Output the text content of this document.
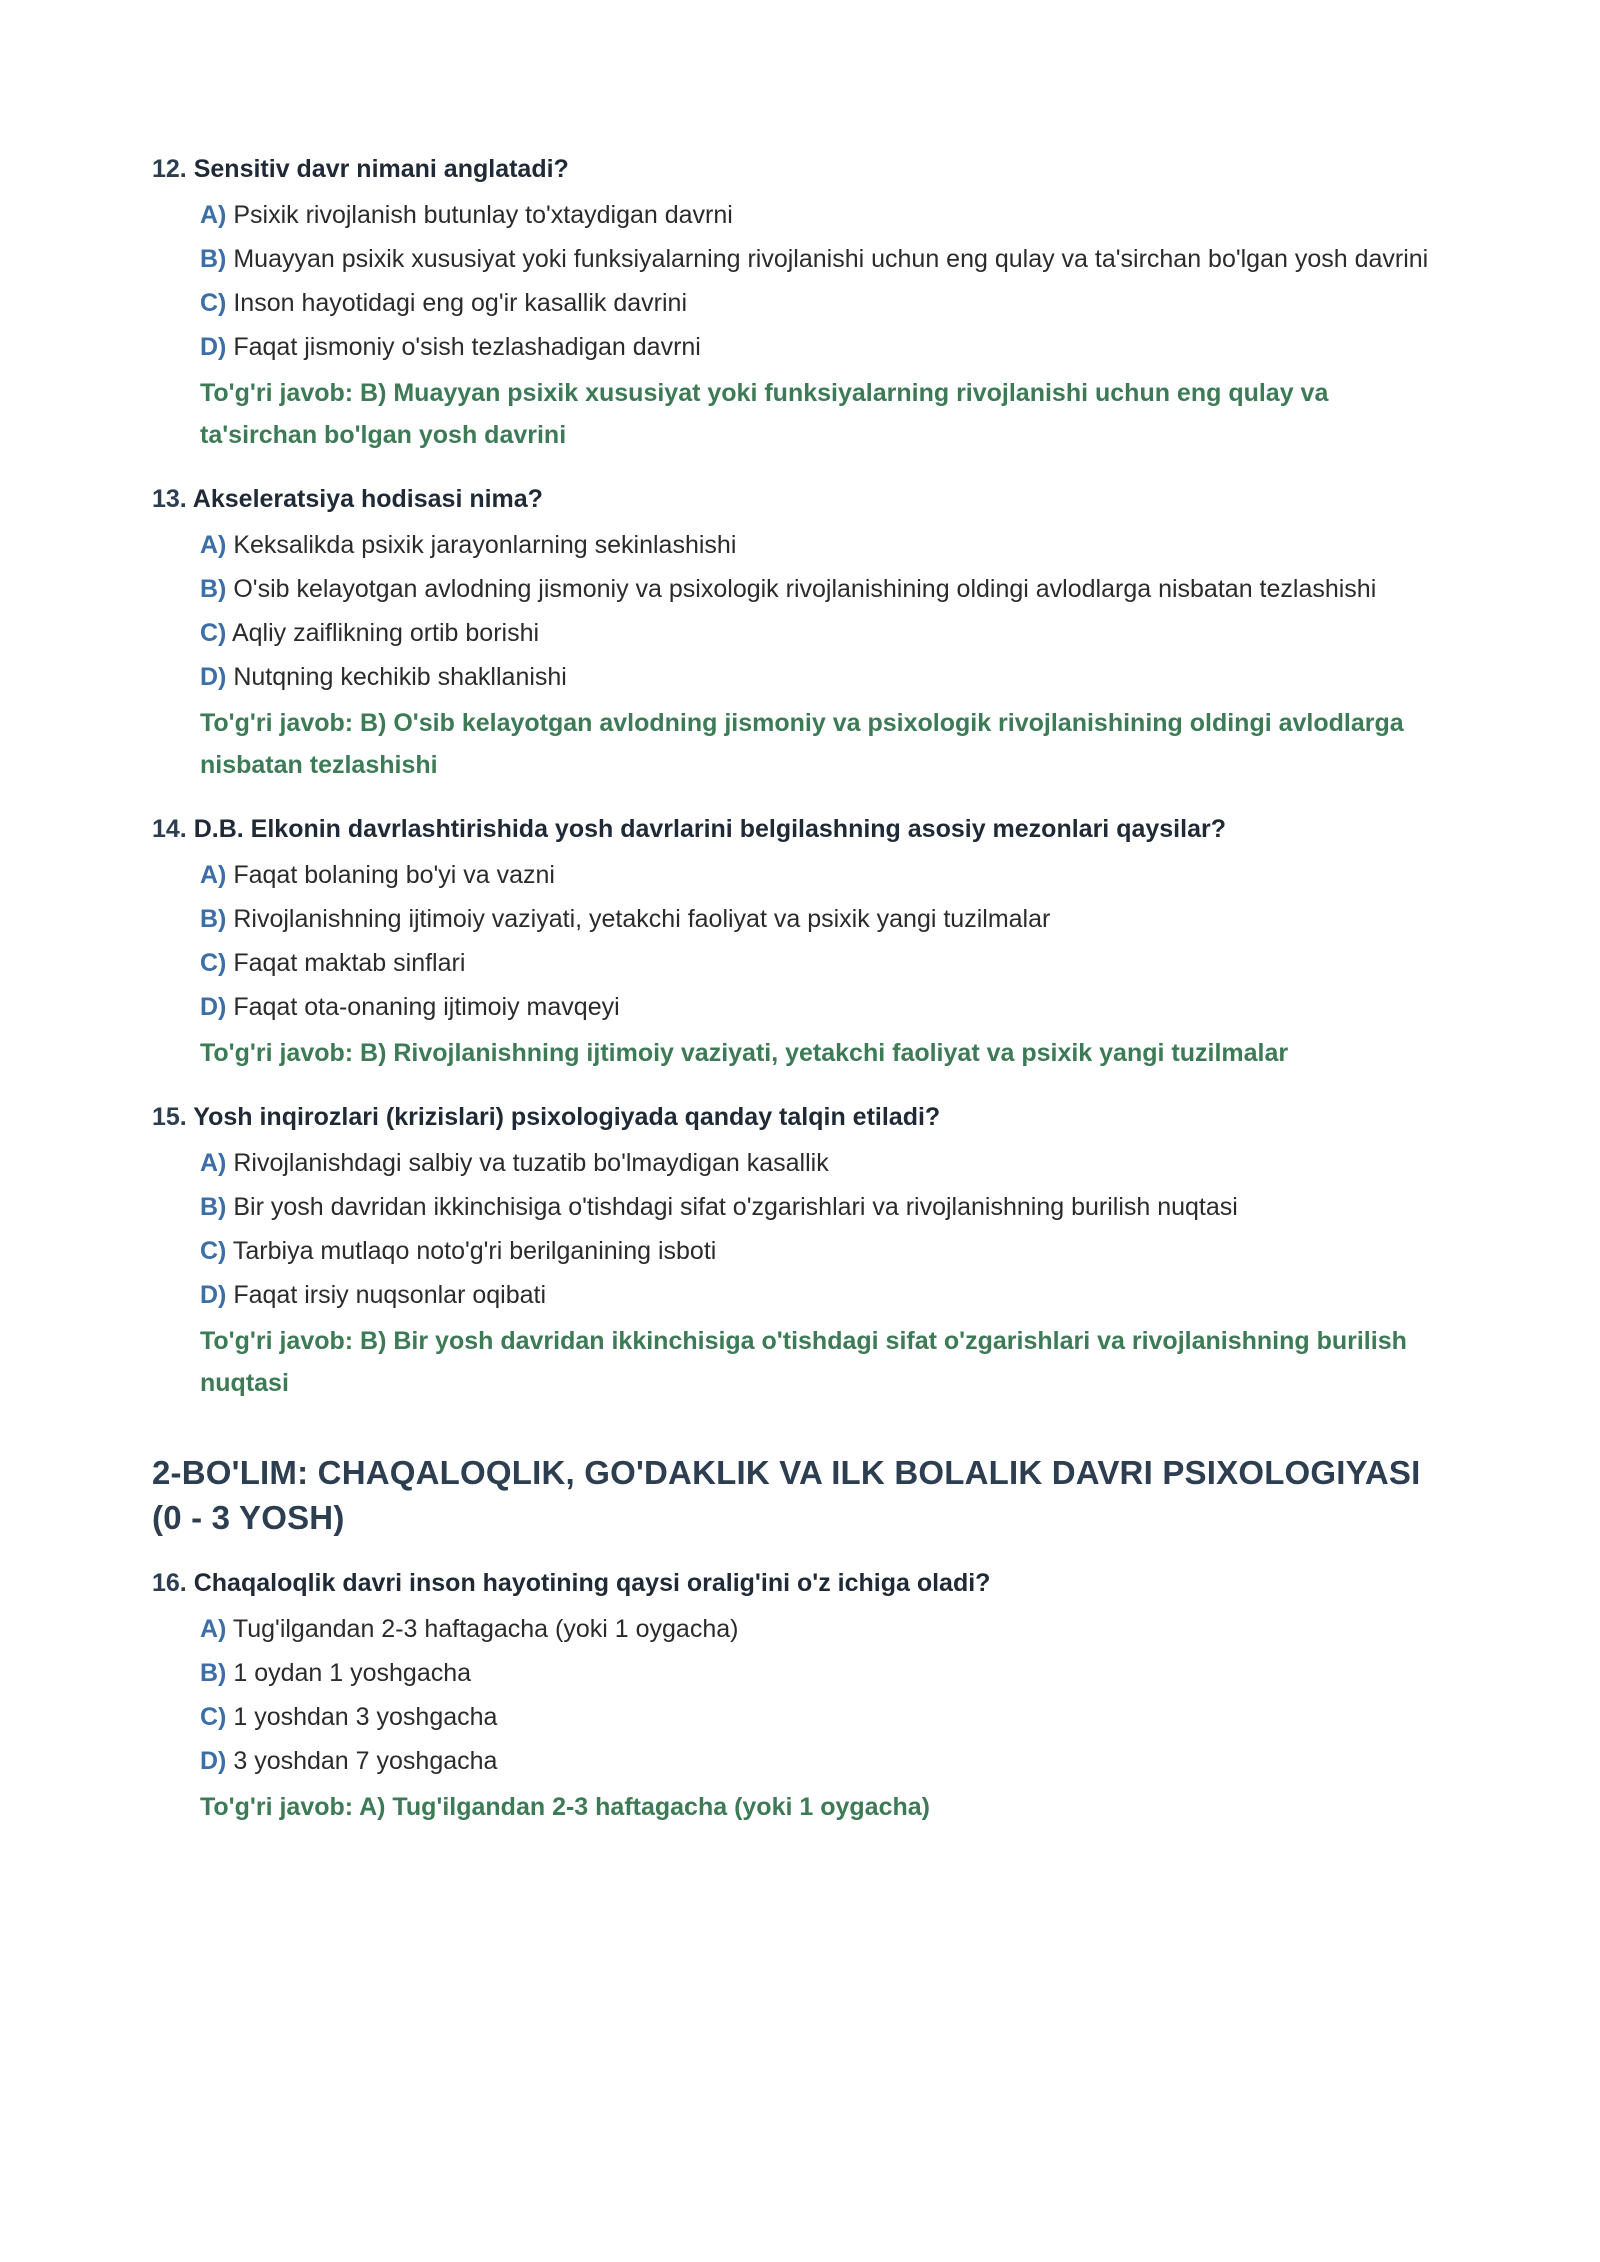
12. Sensitiv davr nimani anglatadi?
A) Psixik rivojlanish butunlay to'xtaydigan davrni
B) Muayyan psixik xususiyat yoki funksiyalarning rivojlanishi uchun eng qulay va ta'sirchan bo'lgan yosh davrini
C) Inson hayotidagi eng og'ir kasallik davrini
D) Faqat jismoniy o'sish tezlashadigan davrni
To'g'ri javob: B) Muayyan psixik xususiyat yoki funksiyalarning rivojlanishi uchun eng qulay va ta'sirchan bo'lgan yosh davrini
13. Akseleratsiya hodisasi nima?
A) Keksalikda psixik jarayonlarning sekinlashishi
B) O'sib kelayotgan avlodning jismoniy va psixologik rivojlanishining oldingi avlodlarga nisbatan tezlashishi
C) Aqliy zaiflikning ortib borishi
D) Nutqning kechikib shakllanishi
To'g'ri javob: B) O'sib kelayotgan avlodning jismoniy va psixologik rivojlanishining oldingi avlodlarga nisbatan tezlashishi
14. D.B. Elkonin davrlashtirishida yosh davrlarini belgilashning asosiy mezonlari qaysilar?
A) Faqat bolaning bo'yi va vazni
B) Rivojlanishning ijtimoiy vaziyati, yetakchi faoliyat va psixik yangi tuzilmalar
C) Faqat maktab sinflari
D) Faqat ota-onaning ijtimoiy mavqeyi
To'g'ri javob: B) Rivojlanishning ijtimoiy vaziyati, yetakchi faoliyat va psixik yangi tuzilmalar
15. Yosh inqirozlari (krizislari) psixologiyada qanday talqin etiladi?
A) Rivojlanishdagi salbiy va tuzatib bo'lmaydigan kasallik
B) Bir yosh davridan ikkinchisiga o'tishdagi sifat o'zgarishlari va rivojlanishning burilish nuqtasi
C) Tarbiya mutlaqo noto'g'ri berilganining isboti
D) Faqat irsiy nuqsonlar oqibati
To'g'ri javob: B) Bir yosh davridan ikkinchisiga o'tishdagi sifat o'zgarishlari va rivojlanishning burilish nuqtasi
2-BO'LIM: CHAQALOQLIK, GO'DAKLIK VA ILK BOLALIK DAVRI PSIXOLOGIYASI (0 - 3 YOSH)
16. Chaqaloqlik davri inson hayotining qaysi oralig'ini o'z ichiga oladi?
A) Tug'ilgandan 2-3 haftagacha (yoki 1 oygacha)
B) 1 oydan 1 yoshgacha
C) 1 yoshdan 3 yoshgacha
D) 3 yoshdan 7 yoshgacha
To'g'ri javob: A) Tug'ilgandan 2-3 haftagacha (yoki 1 oygacha)
